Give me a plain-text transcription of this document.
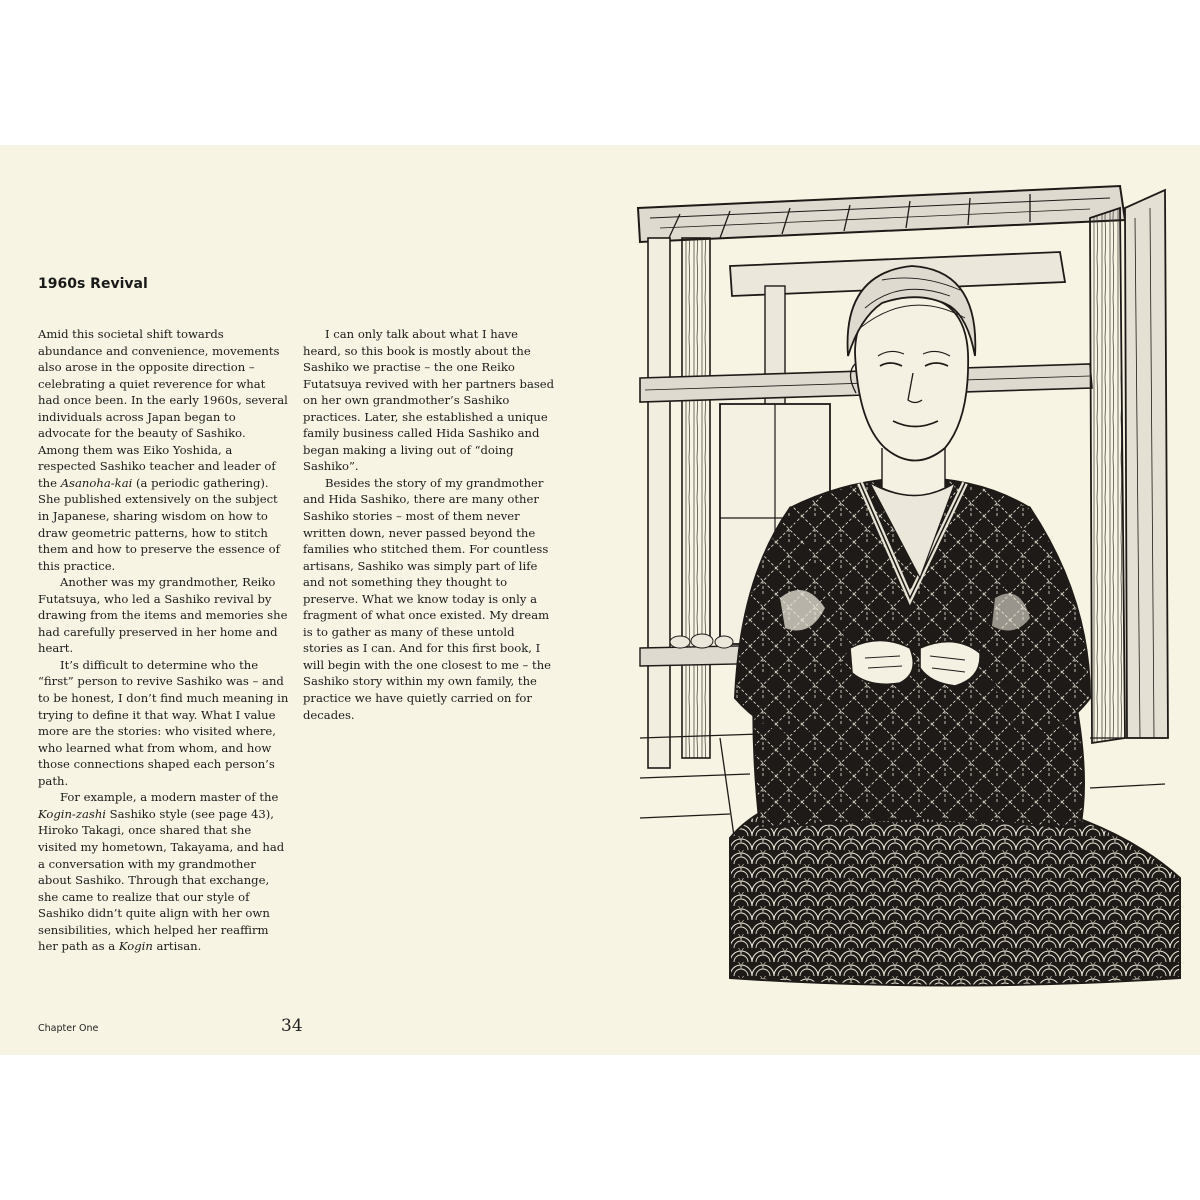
1960s Revival

Amid this societal shift towards abundance and convenience, movements also arose in the opposite direction – celebrating a quiet reverence for what had once been. In the early 1960s, several individuals across Japan began to advocate for the beauty of Sashiko. Among them was Eiko Yoshida, a respected Sashiko teacher and leader of the Asanoha-kai (a periodic gathering). She published extensively on the subject in Japanese, sharing wisdom on how to draw geometric patterns, how to stitch them and how to preserve the essence of this practice.

Another was my grandmother, Reiko Futatsuya, who led a Sashiko revival by drawing from the items and memories she had carefully preserved in her home and heart.

It’s difficult to determine who the “first” person to revive Sashiko was – and to be honest, I don’t find much meaning in trying to define it that way. What I value more are the stories: who visited where, who learned what from whom, and how those connections shaped each person’s path.

For example, a modern master of the Kogin-zashi Sashiko style (see page 43), Hiroko Takagi, once shared that she visited my hometown, Takayama, and had a conversation with my grandmother about Sashiko. Through that exchange, she came to realize that our style of Sashiko didn’t quite align with her own sensibilities, which helped her reaffirm her path as a Kogin artisan.

I can only talk about what I have heard, so this book is mostly about the Sashiko we practise – the one Reiko Futatsuya revived with her partners based on her own grandmother’s Sashiko practices. Later, she established a unique family business called Hida Sashiko and began making a living out of “doing Sashiko”.

Besides the story of my grandmother and Hida Sashiko, there are many other Sashiko stories – most of them never written down, never passed beyond the families who stitched them. For countless artisans, Sashiko was simply part of life and not something they thought to preserve. What we know today is only a fragment of what once existed. My dream is to gather as many of these untold stories as I can. And for this first book, I will begin with the one closest to me – the Sashiko story within my own family, the practice we have quietly carried on for decades.

Chapter One	34
